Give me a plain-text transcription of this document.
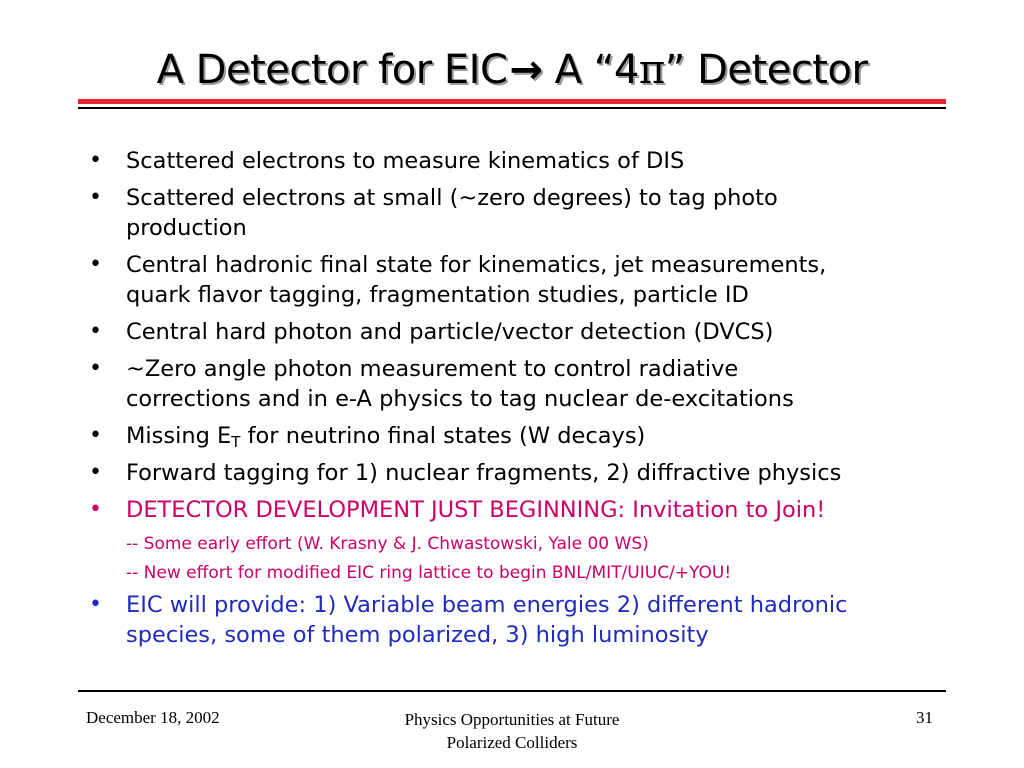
A Detector for EIC→ A “4π” Detector
• Scattered electrons to measure kinematics of DIS
• Scattered electrons at small (~zero degrees) to tag photo
production
• Central hadronic final state for kinematics, jet measurements,
quark flavor tagging, fragmentation studies, particle ID
• Central hard photon and particle/vector detection (DVCS)
• ~Zero angle photon measurement to control radiative
corrections and in e-A physics to tag nuclear de-excitations
• Missing $E_T$ for neutrino final states (W decays)
• Forward tagging for 1) nuclear fragments, 2) diffractive physics
• DETECTOR DEVELOPMENT JUST BEGINNING: Invitation to Join!
-- Some early effort (W. Krasny & J. Chwastowski, Yale 00 WS)
-- New effort for modified EIC ring lattice to begin BNL/MIT/UIUC/+YOU!
• EIC will provide: 1) Variable beam energies 2) different hadronic
species, some of them polarized, 3) high luminosity
December 18, 2002	Physics Opportunities at Future
Polarized Colliders
31
